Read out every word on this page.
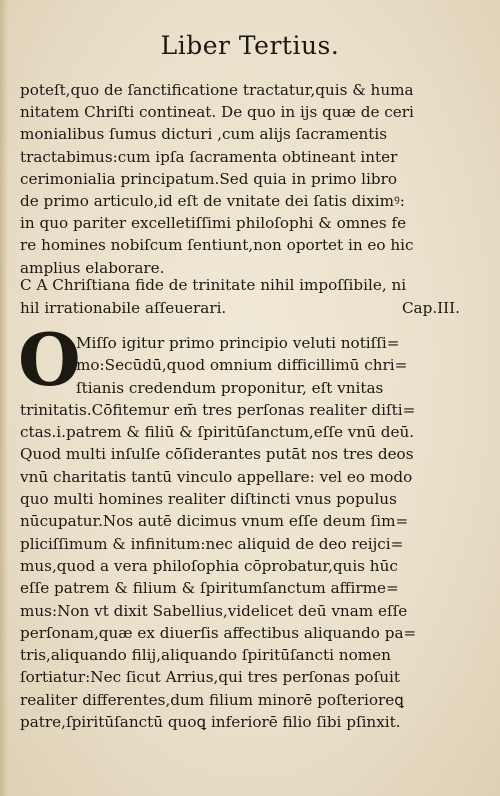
Liber Tertius.
poteſt,quo de ſanctificatione tractatur,quis & huma
nitatem Chriſti contineat. De quo in ijs quæ de ceri
monialibus ſumus dicturi ,cum alijs ſacramentis
tractabimus:cum ipſa ſacramenta obtineant inter
cerimonialia principatum.Sed quia in primo libro
de primo articulo,id eſt de vnitate dei ſatis diximꝰ:
in quo pariter excelletiſſimi philoſophi & omnes fe
re homines nobiſcum ſentiunt,non oportet in eo hic
amplius elaborare.
C A Chriſtiana fide de trinitate nihil impoſſibile, ni
hil irrationabile aſſeuerari.	Cap.III.
O
Miſſo igitur primo principio veluti notiſſi=
mo:Secūdū,quod omnium difficillimū chri=
ſtianis credendum proponitur, eſt vnitas
trinitatis.Cōfitemur em̄ tres perſonas realiter diſti=
ctas.i.patrem & filiū & ſpiritūſanctum,eſſe vnū deū.
Quod multi inſulſe cōſiderantes putāt nos tres deos
vnū charitatis tantū vinculo appellare: vel eo modo
quo multi homines realiter diſtincti vnus populus
nūcupatur.Nos autē dicimus vnum eſſe deum ſim=
pliciſſimum & infinitum:nec aliquid de deo reijci=
mus,quod a vera philoſophia cōprobatur,quis hūc
eſſe patrem & filium & ſpiritumſanctum affirme=
mus:Non vt dixit Sabellius,videlicet deū vnam eſſe
perſonam,quæ ex diuerſis affectibus aliquando pa=
tris,aliquando filij,aliquando ſpiritūſancti nomen
ſortiatur:Nec ſicut Arrius,qui tres perſonas poſuit
realiter differentes,dum filium minorē poſterioreꝗ
patre,ſpiritūſanctū quoꝗ inferiorē filio ſibi pſinxit.
